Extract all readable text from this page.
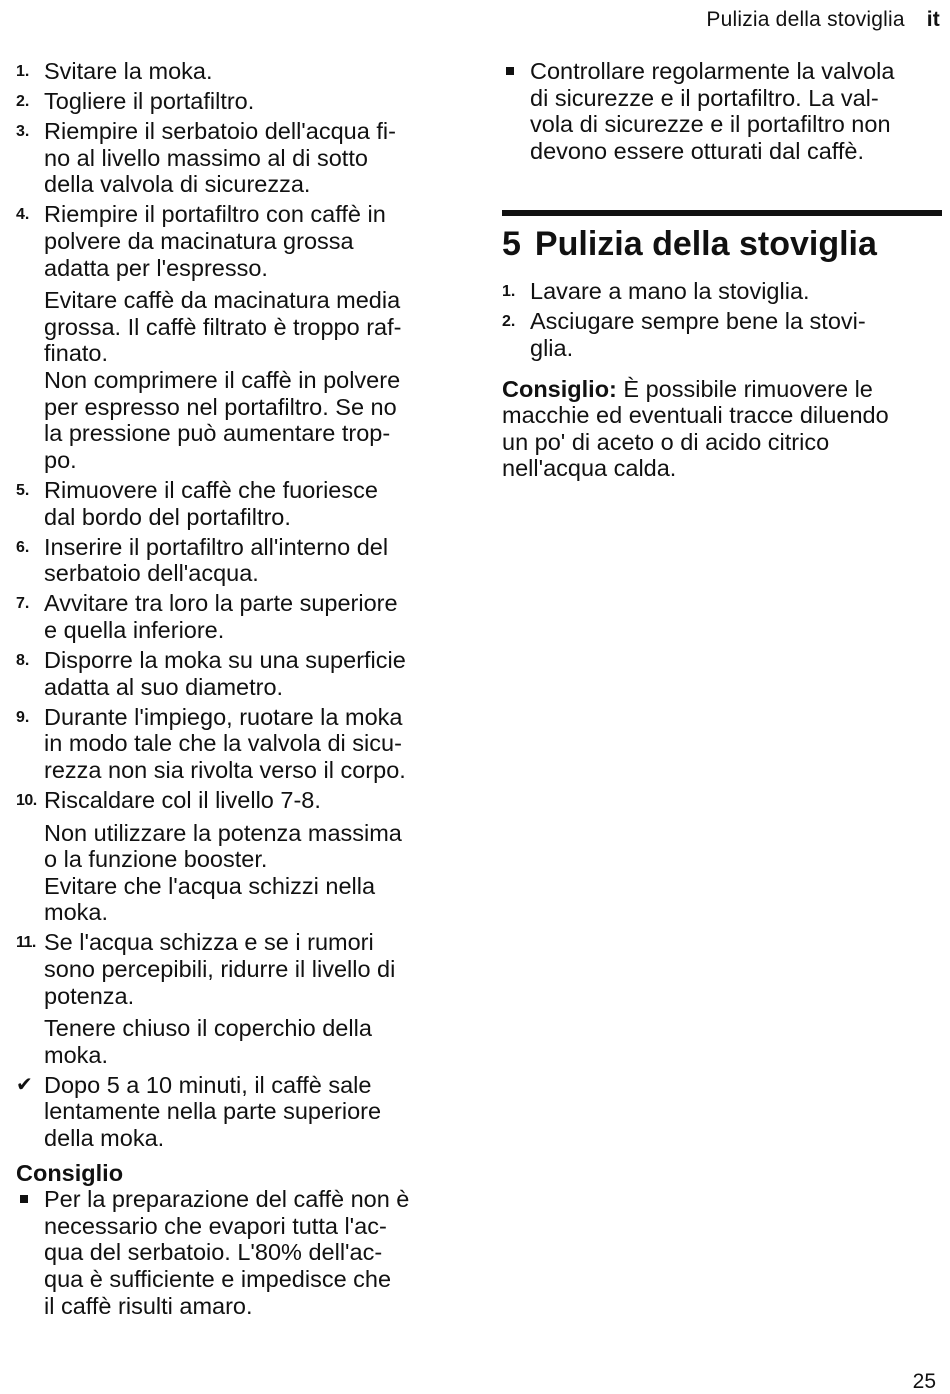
Pulizia della stoviglia it
1. Svitare la moka.
2. Togliere il portafiltro.
3. Riempire il serbatoio dell'acqua fi-
no al livello massimo al di sotto
della valvola di sicurezza.
4. Riempire il portafiltro con caffè in
polvere da macinatura grossa
adatta per l'espresso.
Evitare caffè da macinatura media
grossa. Il caffè filtrato è troppo raf-
finato.
Non comprimere il caffè in polvere
per espresso nel portafiltro. Se no
la pressione può aumentare trop-
po.
5. Rimuovere il caffè che fuoriesce
dal bordo del portafiltro.
6. Inserire il portafiltro all'interno del
serbatoio dell'acqua.
7. Avvitare tra loro la parte superiore
e quella inferiore.
8. Disporre la moka su una superficie
adatta al suo diametro.
9. Durante l'impiego, ruotare la moka
in modo tale che la valvola di sicu-
rezza non sia rivolta verso il corpo.
10. Riscaldare col il livello 7-8.
Non utilizzare la potenza massima
o la funzione booster.
Evitare che l'acqua schizzi nella
moka.
11. Se l'acqua schizza e se i rumori
sono percepibili, ridurre il livello di
potenza.
Tenere chiuso il coperchio della
moka.
✔ Dopo 5 a 10 minuti, il caffè sale
lentamente nella parte superiore
della moka.
Consiglio
Per la preparazione del caffè non è
necessario che evapori tutta l'ac-
qua del serbatoio. L'80% dell'ac-
qua è sufficiente e impedisce che
il caffè risulti amaro.
Controllare regolarmente la valvola
di sicurezze e il portafiltro. La val-
vola di sicurezze e il portafiltro non
devono essere otturati dal caffè.
5 Pulizia della stoviglia
1. Lavare a mano la stoviglia.
2. Asciugare sempre bene la stovi-
glia.
Consiglio: È possibile rimuovere le
macchie ed eventuali tracce diluendo
un po' di aceto o di acido citrico
nell'acqua calda.
25
